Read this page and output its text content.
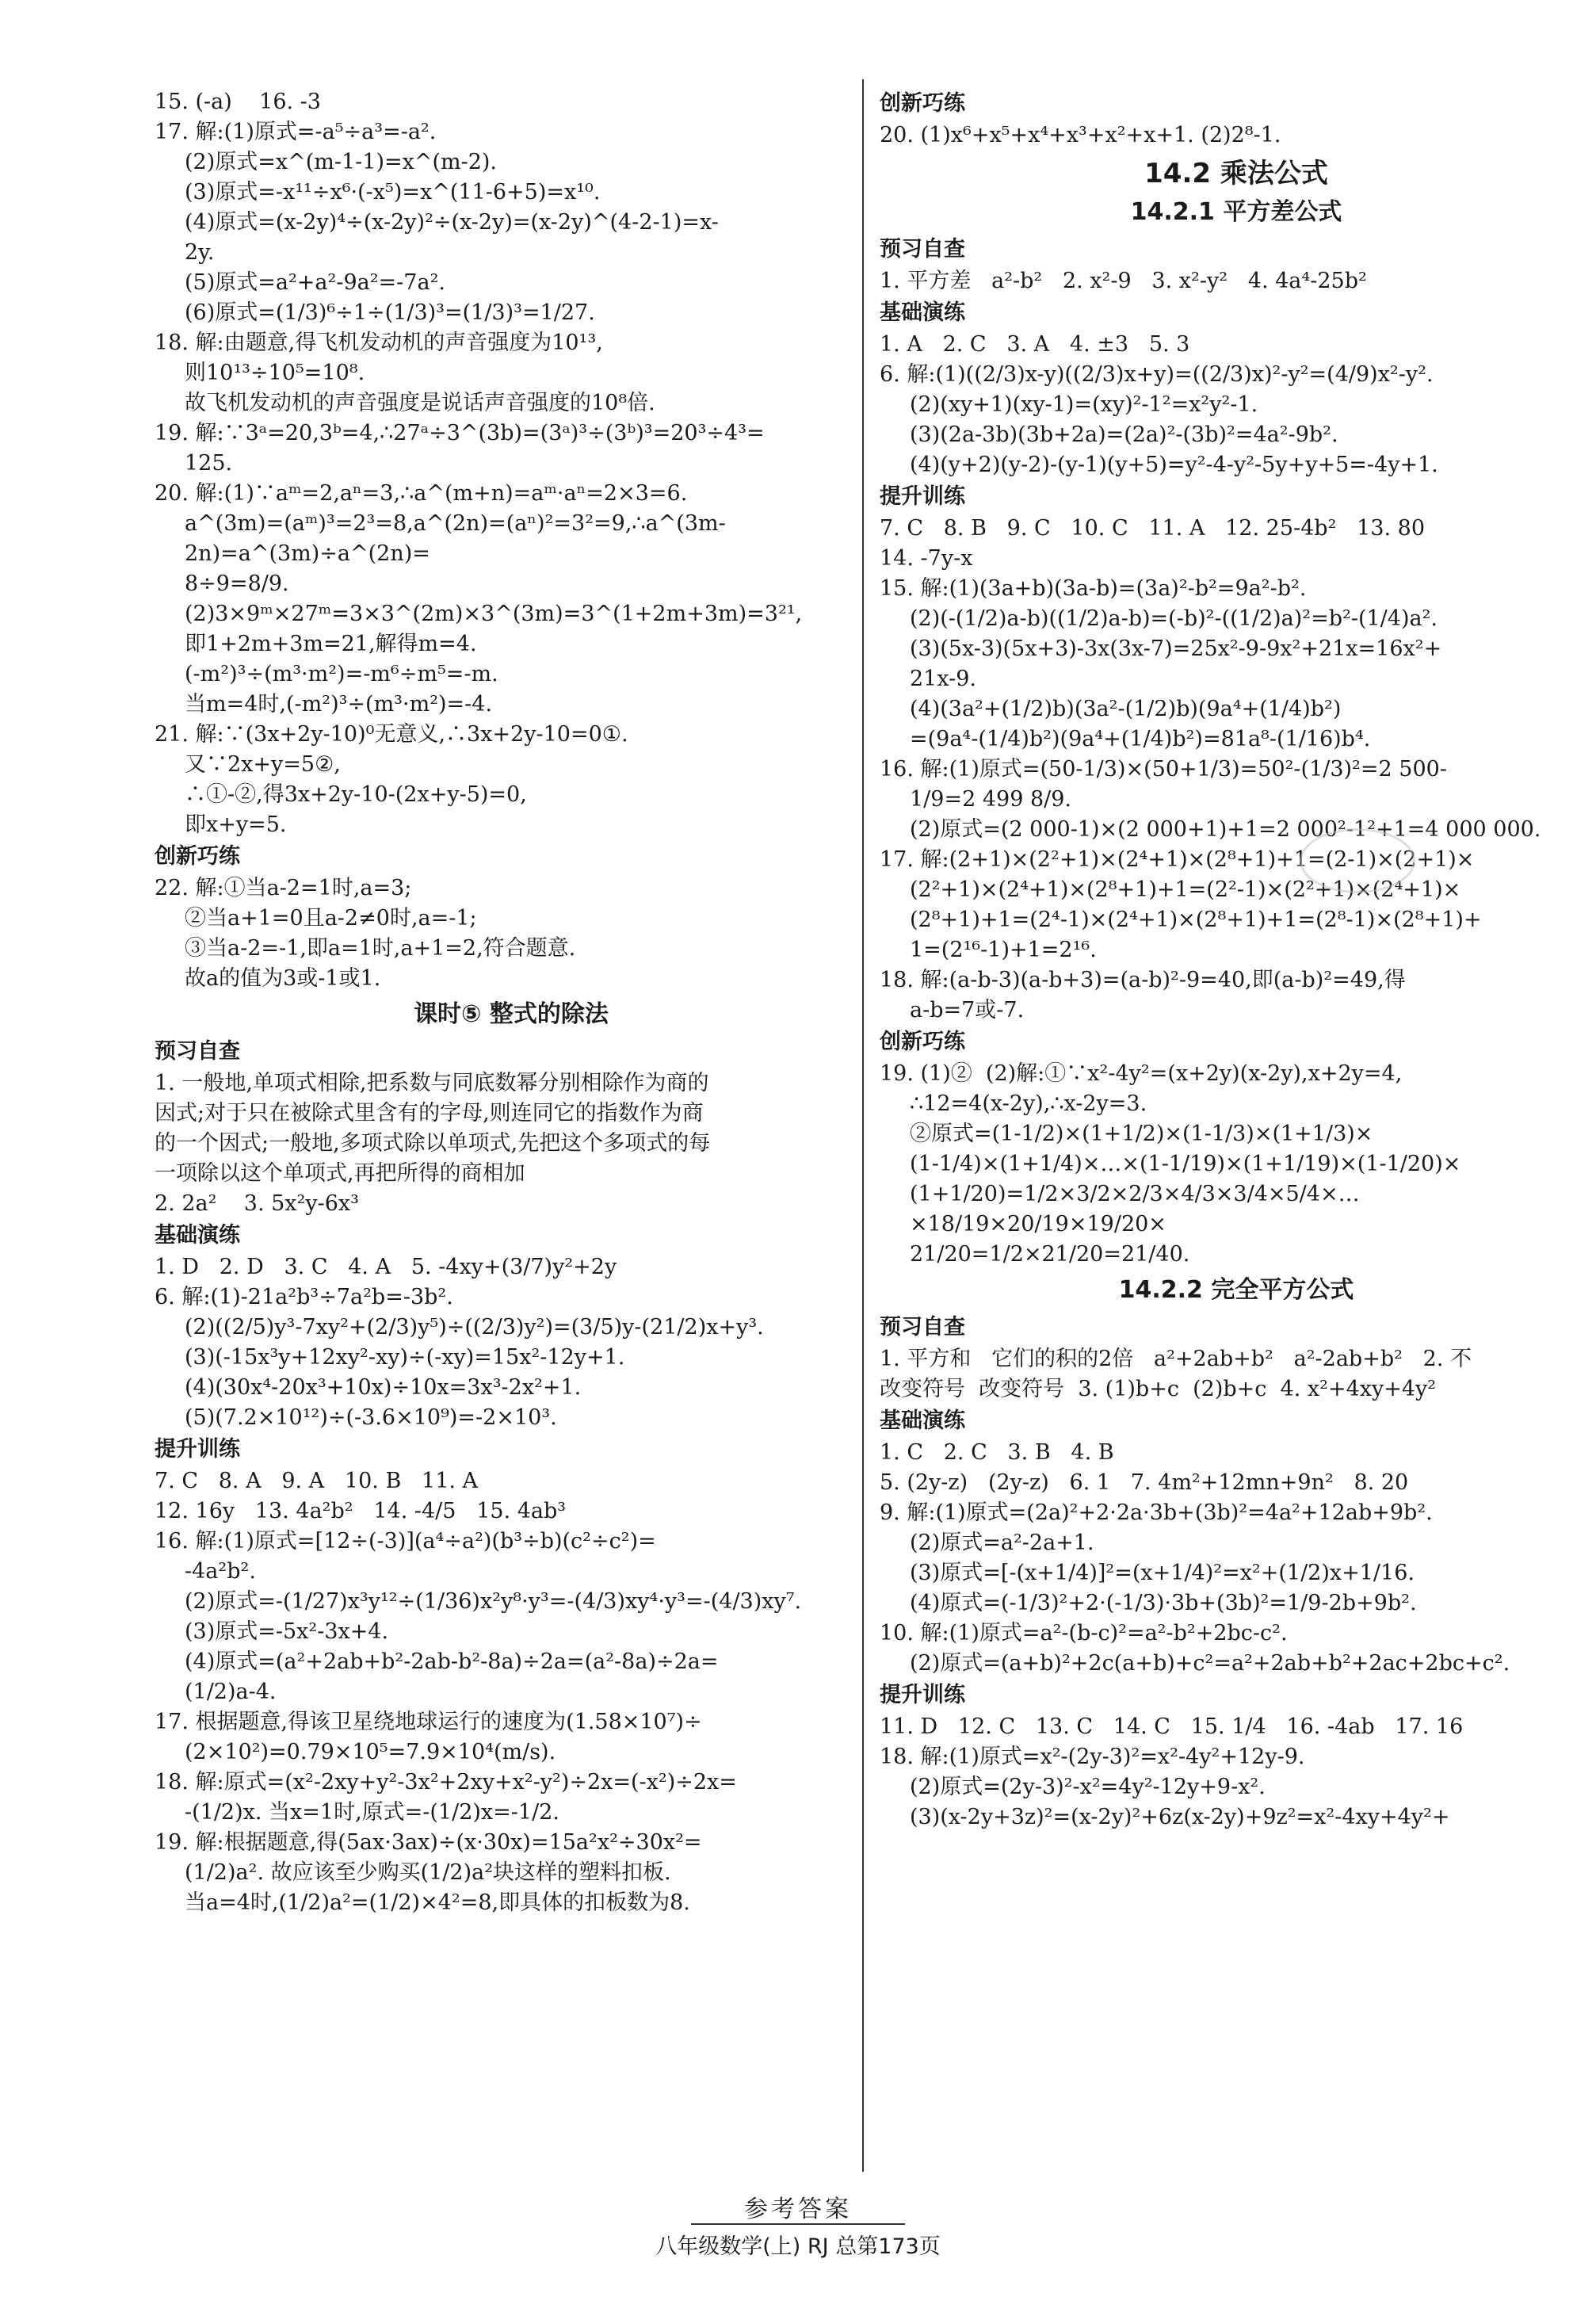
15. (-a)    16. -3
17. 解:(1)原式=-a⁵÷a³=-a².
(2)原式=x^(m-1-1)=x^(m-2).
(3)原式=-x¹¹÷x⁶·(-x⁵)=x^(11-6+5)=x¹⁰.
(4)原式=(x-2y)⁴÷(x-2y)²÷(x-2y)=(x-2y)^(4-2-1)=x-
2y.
(5)原式=a²+a²-9a²=-7a².
(6)原式=(1/3)⁶÷1÷(1/3)³=(1/3)³=1/27.
18. 解:由题意,得飞机发动机的声音强度为10¹³,
则10¹³÷10⁵=10⁸.
故飞机发动机的声音强度是说话声音强度的10⁸倍.
19. 解:∵3ᵃ=20,3ᵇ=4,∴27ᵃ÷3^(3b)=(3ᵃ)³÷(3ᵇ)³=20³÷4³=
125.
20. 解:(1)∵aᵐ=2,aⁿ=3,∴a^(m+n)=aᵐ·aⁿ=2×3=6.
a^(3m)=(aᵐ)³=2³=8,a^(2n)=(aⁿ)²=3²=9,∴a^(3m-2n)=a^(3m)÷a^(2n)=
8÷9=8/9.
(2)3×9ᵐ×27ᵐ=3×3^(2m)×3^(3m)=3^(1+2m+3m)=3²¹,
即1+2m+3m=21,解得m=4.
(-m²)³÷(m³·m²)=-m⁶÷m⁵=-m.
当m=4时,(-m²)³÷(m³·m²)=-4.
21. 解:∵(3x+2y-10)⁰无意义,∴3x+2y-10=0①.
又∵2x+y=5②,
∴①-②,得3x+2y-10-(2x+y-5)=0,
即x+y=5.
创新巧练
22. 解:①当a-2=1时,a=3;
②当a+1=0且a-2≠0时,a=-1;
③当a-2=-1,即a=1时,a+1=2,符合题意.
故a的值为3或-1或1.
课时⑤ 整式的除法
预习自查
1. 一般地,单项式相除,把系数与同底数幂分别相除作为商的
因式;对于只在被除式里含有的字母,则连同它的指数作为商
的一个因式;一般地,多项式除以单项式,先把这个多项式的每
一项除以这个单项式,再把所得的商相加
2. 2a²    3. 5x²y-6x³
基础演练
1. D   2. D   3. C   4. A   5. -4xy+(3/7)y²+2y
6. 解:(1)-21a²b³÷7a²b=-3b².
(2)((2/5)y³-7xy²+(2/3)y⁵)÷((2/3)y²)=(3/5)y-(21/2)x+y³.
(3)(-15x³y+12xy²-xy)÷(-xy)=15x²-12y+1.
(4)(30x⁴-20x³+10x)÷10x=3x³-2x²+1.
(5)(7.2×10¹²)÷(-3.6×10⁹)=-2×10³.
提升训练
7. C   8. A   9. A   10. B   11. A
12. 16y   13. 4a²b²   14. -4/5   15. 4ab³
16. 解:(1)原式=[12÷(-3)](a⁴÷a²)(b³÷b)(c²÷c²)=
-4a²b².
(2)原式=-(1/27)x³y¹²÷(1/36)x²y⁸·y³=-(4/3)xy⁴·y³=-(4/3)xy⁷.
(3)原式=-5x²-3x+4.
(4)原式=(a²+2ab+b²-2ab-b²-8a)÷2a=(a²-8a)÷2a=
(1/2)a-4.
17. 根据题意,得该卫星绕地球运行的速度为(1.58×10⁷)÷
(2×10²)=0.79×10⁵=7.9×10⁴(m/s).
18. 解:原式=(x²-2xy+y²-3x²+2xy+x²-y²)÷2x=(-x²)÷2x=
-(1/2)x. 当x=1时,原式=-(1/2)x=-1/2.
19. 解:根据题意,得(5ax·3ax)÷(x·30x)=15a²x²÷30x²=
(1/2)a². 故应该至少购买(1/2)a²块这样的塑料扣板.
当a=4时,(1/2)a²=(1/2)×4²=8,即具体的扣板数为8.
创新巧练
20. (1)x⁶+x⁵+x⁴+x³+x²+x+1. (2)2⁸-1.
14.2 乘法公式
14.2.1 平方差公式
预习自查
1. 平方差   a²-b²   2. x²-9   3. x²-y²   4. 4a⁴-25b²
基础演练
1. A   2. C   3. A   4. ±3   5. 3
6. 解:(1)((2/3)x-y)((2/3)x+y)=((2/3)x)²-y²=(4/9)x²-y².
(2)(xy+1)(xy-1)=(xy)²-1²=x²y²-1.
(3)(2a-3b)(3b+2a)=(2a)²-(3b)²=4a²-9b².
(4)(y+2)(y-2)-(y-1)(y+5)=y²-4-y²-5y+y+5=-4y+1.
提升训练
7. C   8. B   9. C   10. C   11. A   12. 25-4b²   13. 80
14. -7y-x
15. 解:(1)(3a+b)(3a-b)=(3a)²-b²=9a²-b².
(2)(-(1/2)a-b)((1/2)a-b)=(-b)²-((1/2)a)²=b²-(1/4)a².
(3)(5x-3)(5x+3)-3x(3x-7)=25x²-9-9x²+21x=16x²+
21x-9.
(4)(3a²+(1/2)b)(3a²-(1/2)b)(9a⁴+(1/4)b²)
=(9a⁴-(1/4)b²)(9a⁴+(1/4)b²)=81a⁸-(1/16)b⁴.
16. 解:(1)原式=(50-1/3)×(50+1/3)=50²-(1/3)²=2 500-
1/9=2 499 8/9.
(2)原式=(2 000-1)×(2 000+1)+1=2 000²-1²+1=4 000 000.
17. 解:(2+1)×(2²+1)×(2⁴+1)×(2⁸+1)+1=(2-1)×(2+1)×
(2²+1)×(2⁴+1)×(2⁸+1)+1=(2²-1)×(2²+1)×(2⁴+1)×
(2⁸+1)+1=(2⁴-1)×(2⁴+1)×(2⁸+1)+1=(2⁸-1)×(2⁸+1)+
1=(2¹⁶-1)+1=2¹⁶.
18. 解:(a-b-3)(a-b+3)=(a-b)²-9=40,即(a-b)²=49,得
a-b=7或-7.
创新巧练
19. (1)②  (2)解:①∵x²-4y²=(x+2y)(x-2y),x+2y=4,
∴12=4(x-2y),∴x-2y=3.
②原式=(1-1/2)×(1+1/2)×(1-1/3)×(1+1/3)×
(1-1/4)×(1+1/4)×…×(1-1/19)×(1+1/19)×(1-1/20)×
(1+1/20)=1/2×3/2×2/3×4/3×3/4×5/4×…×18/19×20/19×19/20×
21/20=1/2×21/20=21/40.
14.2.2 完全平方公式
预习自查
1. 平方和   它们的积的2倍   a²+2ab+b²   a²-2ab+b²   2. 不
改变符号  改变符号  3. (1)b+c  (2)b+c  4. x²+4xy+4y²
基础演练
1. C   2. C   3. B   4. B
5. (2y-z)   (2y-z)   6. 1   7. 4m²+12mn+9n²   8. 20
9. 解:(1)原式=(2a)²+2·2a·3b+(3b)²=4a²+12ab+9b².
(2)原式=a²-2a+1.
(3)原式=[-(x+1/4)]²=(x+1/4)²=x²+(1/2)x+1/16.
(4)原式=(-1/3)²+2·(-1/3)·3b+(3b)²=1/9-2b+9b².
10. 解:(1)原式=a²-(b-c)²=a²-b²+2bc-c².
(2)原式=(a+b)²+2c(a+b)+c²=a²+2ab+b²+2ac+2bc+c².
提升训练
11. D   12. C   13. C   14. C   15. 1/4   16. -4ab   17. 16
18. 解:(1)原式=x²-(2y-3)²=x²-4y²+12y-9.
(2)原式=(2y-3)²-x²=4y²-12y+9-x².
(3)(x-2y+3z)²=(x-2y)²+6z(x-2y)+9z²=x²-4xy+4y²+
参考答案
八年级数学(上) RJ 总第173页
